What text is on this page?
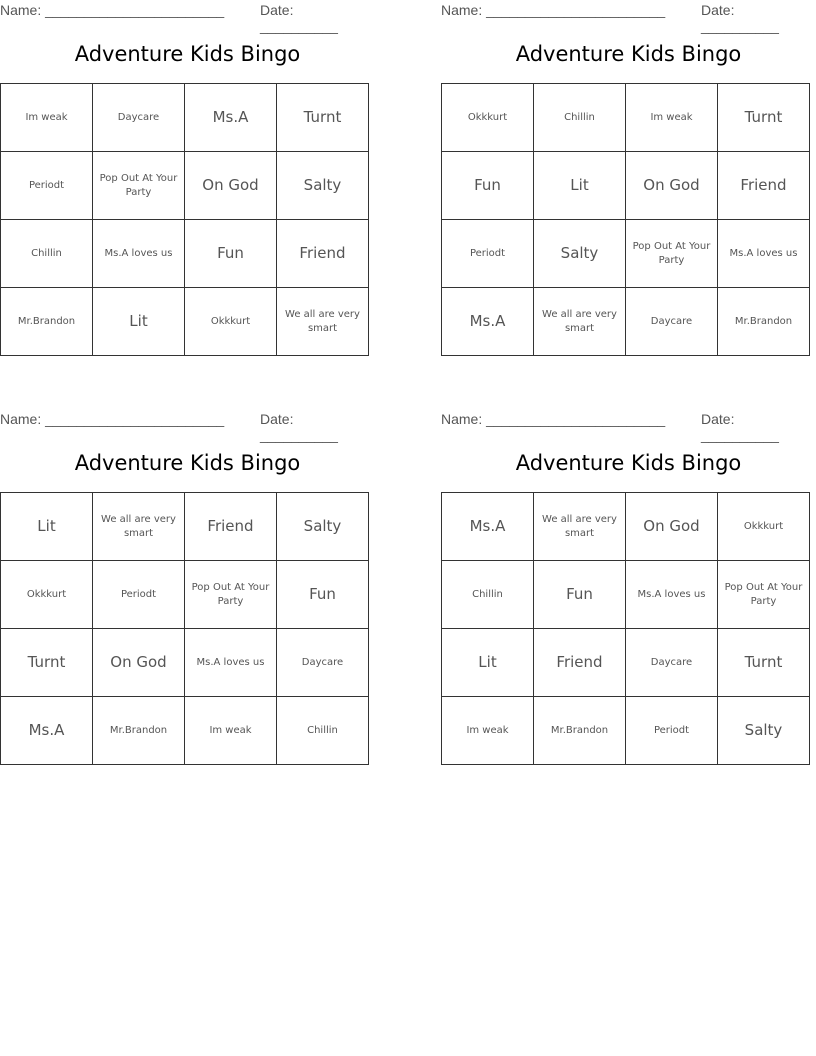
Name: _______________________	Date: __________
Adventure Kids Bingo
Im weak	Daycare	Ms.A	Turnt
Periodt	Pop Out At Your Party	On God	Salty
Chillin	Ms.A loves us	Fun	Friend
Mr.Brandon	Lit	Okkkurt	We all are very smart
Name: _______________________	Date: __________
Adventure Kids Bingo
Okkkurt	Chillin	Im weak	Turnt
Fun	Lit	On God	Friend
Periodt	Salty	Pop Out At Your Party	Ms.A loves us
Ms.A	We all are very smart	Daycare	Mr.Brandon
Name: _______________________	Date: __________
Adventure Kids Bingo
Lit	We all are very smart	Friend	Salty
Okkkurt	Periodt	Pop Out At Your Party	Fun
Turnt	On God	Ms.A loves us	Daycare
Ms.A	Mr.Brandon	Im weak	Chillin
Name: _______________________	Date: __________
Adventure Kids Bingo
Ms.A	We all are very smart	On God	Okkkurt
Chillin	Fun	Ms.A loves us	Pop Out At Your Party
Lit	Friend	Daycare	Turnt
Im weak	Mr.Brandon	Periodt	Salty
